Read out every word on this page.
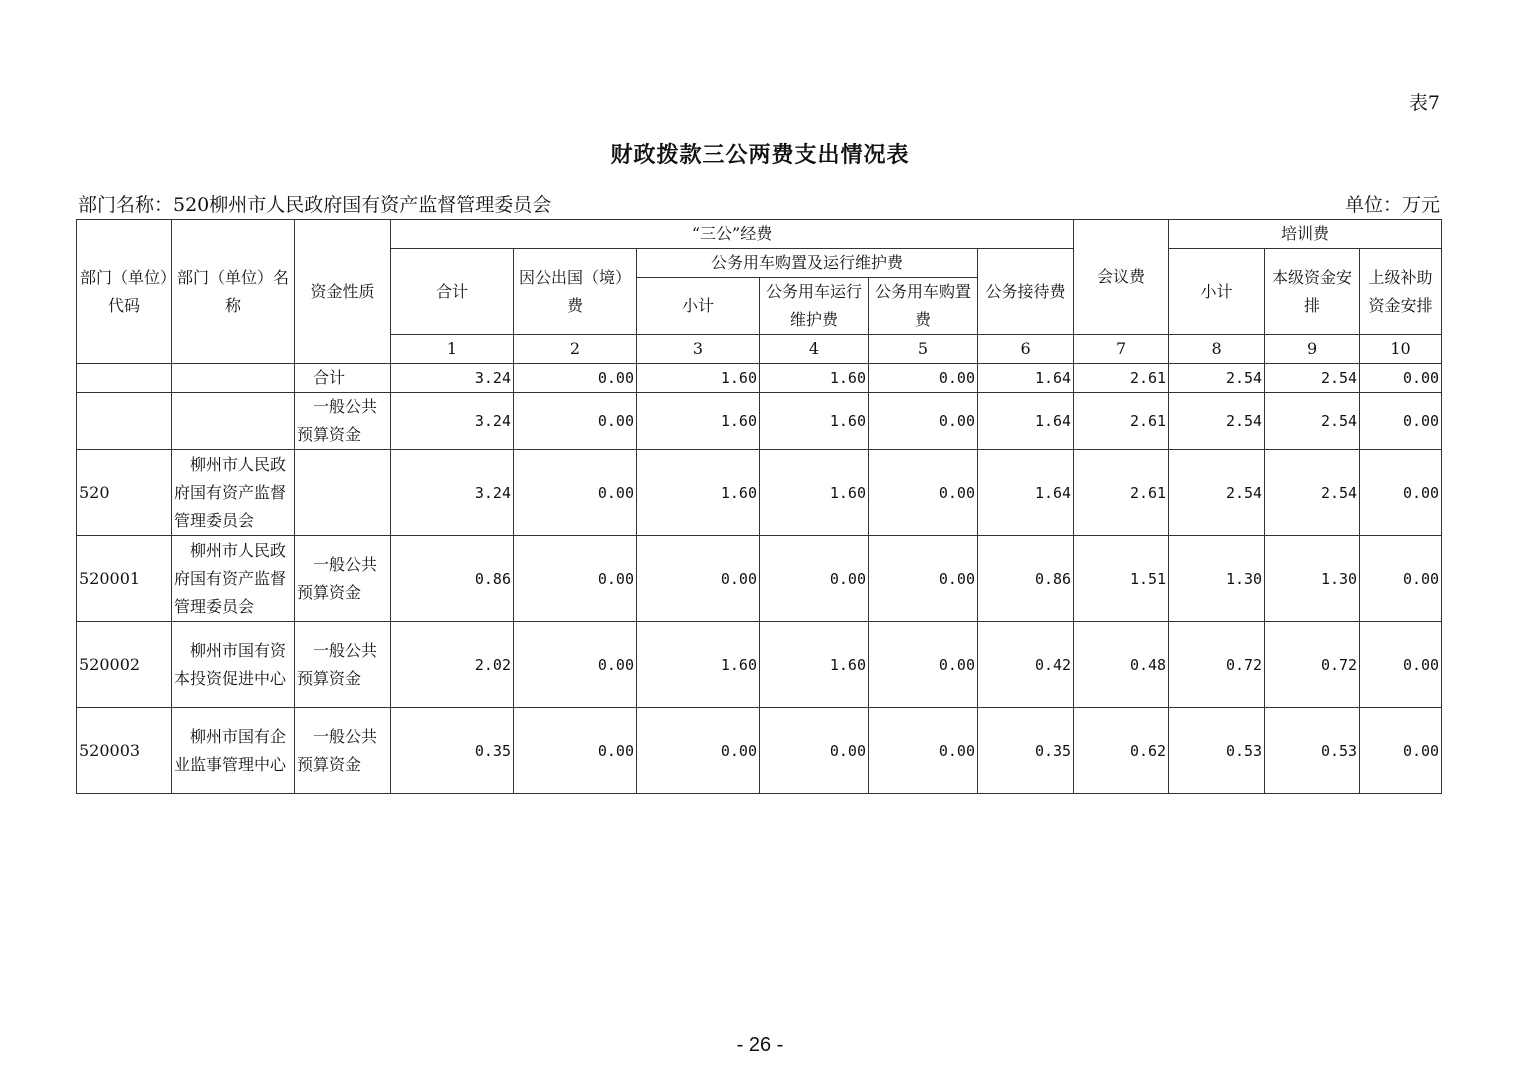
表7
财政拨款三公两费支出情况表
部门名称：520柳州市人民政府国有资产监督管理委员会	单位：万元
部门（单位）代码	部门（单位）名称	资金性质	“三公”经费						会议费	培训费		
			合计	因公出国（境）费	公务用车购置及运行维护费			公务接待费		小计	本级资金安排	上级补助资金安排
					小计	公务用车运行维护费	公务用车购置费					

			1	2	3	4	5	6	7	8	9	10
		合计	3.24	0.00	1.60	1.60	0.00	1.64	2.61	2.54	2.54	0.00
		一般公共预算资金	3.24	0.00	1.60	1.60	0.00	1.64	2.61	2.54	2.54	0.00
520	柳州市人民政府国有资产监督管理委员会		3.24	0.00	1.60	1.60	0.00	1.64	2.61	2.54	2.54	0.00
520001	柳州市人民政府国有资产监督管理委员会	一般公共预算资金	0.86	0.00	0.00	0.00	0.00	0.86	1.51	1.30	1.30	0.00
520002	柳州市国有资本投资促进中心	一般公共预算资金	2.02	0.00	1.60	1.60	0.00	0.42	0.48	0.72	0.72	0.00
520003	柳州市国有企业监事管理中心	一般公共预算资金	0.35	0.00	0.00	0.00	0.00	0.35	0.62	0.53	0.53	0.00
- 26 -
